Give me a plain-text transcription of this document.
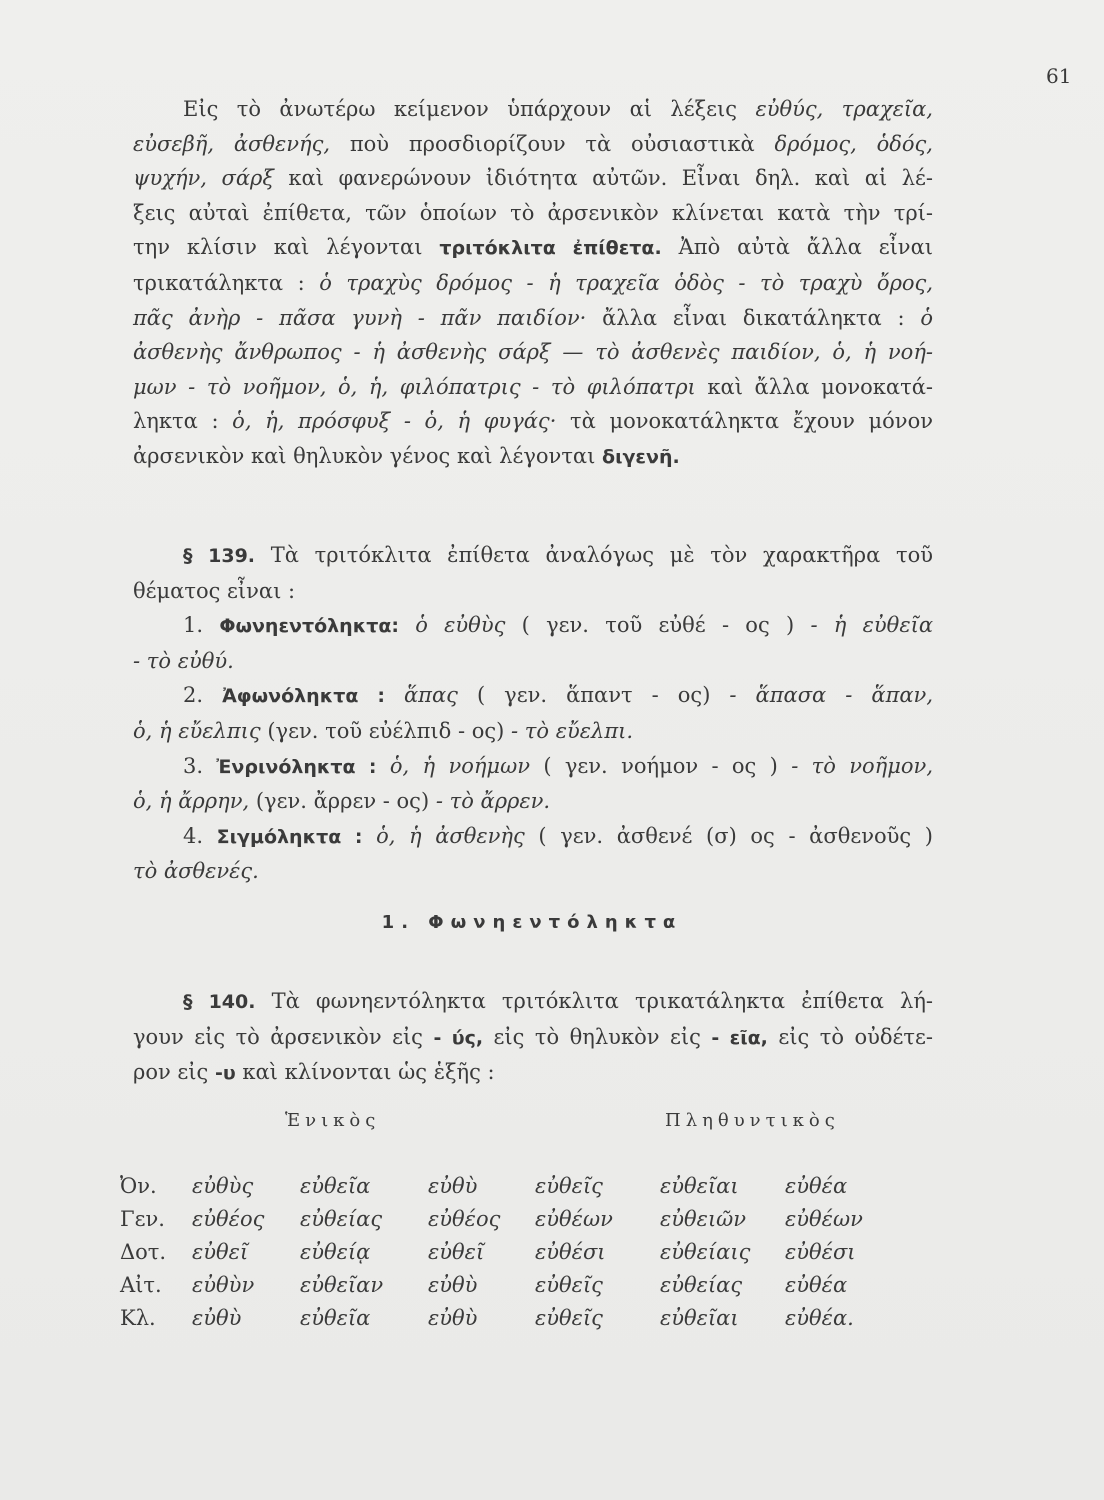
61
Εἰς τὸ ἀνωτέρω κείμενον ὑπάρχουν αἱ λέξεις εὐθύς, τραχεῖα,
εὐσεβῆ, ἀσθενής, ποὺ προσδιορίζουν τὰ οὐσιαστικὰ δρόμος, ὁδός,
ψυχήν, σάρξ καὶ φανερώνουν ἰδιότητα αὐτῶν. Εἶναι δηλ. καὶ αἱ λέ-
ξεις αὐταὶ ἐπίθετα, τῶν ὁποίων τὸ ἀρσενικὸν κλίνεται κατὰ τὴν τρί-
την κλίσιν καὶ λέγονται τριτόκλιτα ἐπίθετα. Ἀπὸ αὐτὰ ἄλλα εἶναι
τρικατάληκτα : ὁ τραχὺς δρόμος - ἡ τραχεῖα ὁδὸς - τὸ τραχὺ ὄρος,
πᾶς ἀνὴρ - πᾶσα γυνὴ - πᾶν παιδίον· ἄλλα εἶναι δικατάληκτα : ὁ
ἀσθενὴς ἄνθρωπος - ἡ ἀσθενὴς σάρξ — τὸ ἀσθενὲς παιδίον, ὁ, ἡ νοή-
μων - τὸ νοῆμον, ὁ, ἡ, φιλόπατρις - τὸ φιλόπατρι καὶ ἄλλα μονοκατά-
ληκτα : ὁ, ἡ, πρόσφυξ - ὁ, ἡ φυγάς· τὰ μονοκατάληκτα ἔχουν μόνον
ἀρσενικὸν καὶ θηλυκὸν γένος καὶ λέγονται διγενῆ.
§ 139. Τὰ τριτόκλιτα ἐπίθετα ἀναλόγως μὲ τὸν χαρακτῆρα τοῦ
θέματος εἶναι :
1. Φωνηεντόληκτα: ὁ εὐθὺς ( γεν. τοῦ εὐθέ - ος ) - ἡ εὐθεῖα
- τὸ εὐθύ.
2. Ἀφωνόληκτα : ἅπας ( γεν. ἅπαντ - ος) - ἅπασα - ἅπαν,
ὁ, ἡ εὔελπις (γεν. τοῦ εὐέλπιδ - ος) - τὸ εὔελπι.
3. Ἐνρινόληκτα : ὁ, ἡ νοήμων ( γεν. νοήμον - ος ) - τὸ νοῆμον,
ὁ, ἡ ἄρρην, (γεν. ἄρρεν - ος) - τὸ ἄρρεν.
4. Σιγμόληκτα : ὁ, ἡ ἀσθενὴς ( γεν. ἀσθενέ (σ) ος - ἀσθενοῦς )
τὸ ἀσθενές.
1. Φωνηεντόληκτα
§ 140. Τὰ φωνηεντόληκτα τριτόκλιτα τρικατάληκτα ἐπίθετα λή-
γουν εἰς τὸ ἀρσενικὸν εἰς - ύς, εἰς τὸ θηλυκὸν εἰς - εῖα, εἰς τὸ οὐδέτε-
ρον εἰς -υ καὶ κλίνονται ὡς ἑξῆς :
Ἑνικὸς	Πληθυντικὸς
Ὀν. εὐθὺς εὐθεῖα	εὐθὺ	εὐθεῖς	εὐθεῖαι εὐθέα
Γεν. εὐθέος εὐθείας εὐθέος εὐθέων εὐθειῶν εὐθέων
Δοτ. εὐθεῖ εὐθείᾳ	εὐθεῖ εὐθέσι	εὐθείαις εὐθέσι
Αἰτ. εὐθὺν εὐθεῖαν εὐθὺ	εὐθεῖς	εὐθείας εὐθέα
Κλ. εὐθὺ	εὐθεῖα	εὐθὺ	εὐθεῖς	εὐθεῖαι εὐθέα.
